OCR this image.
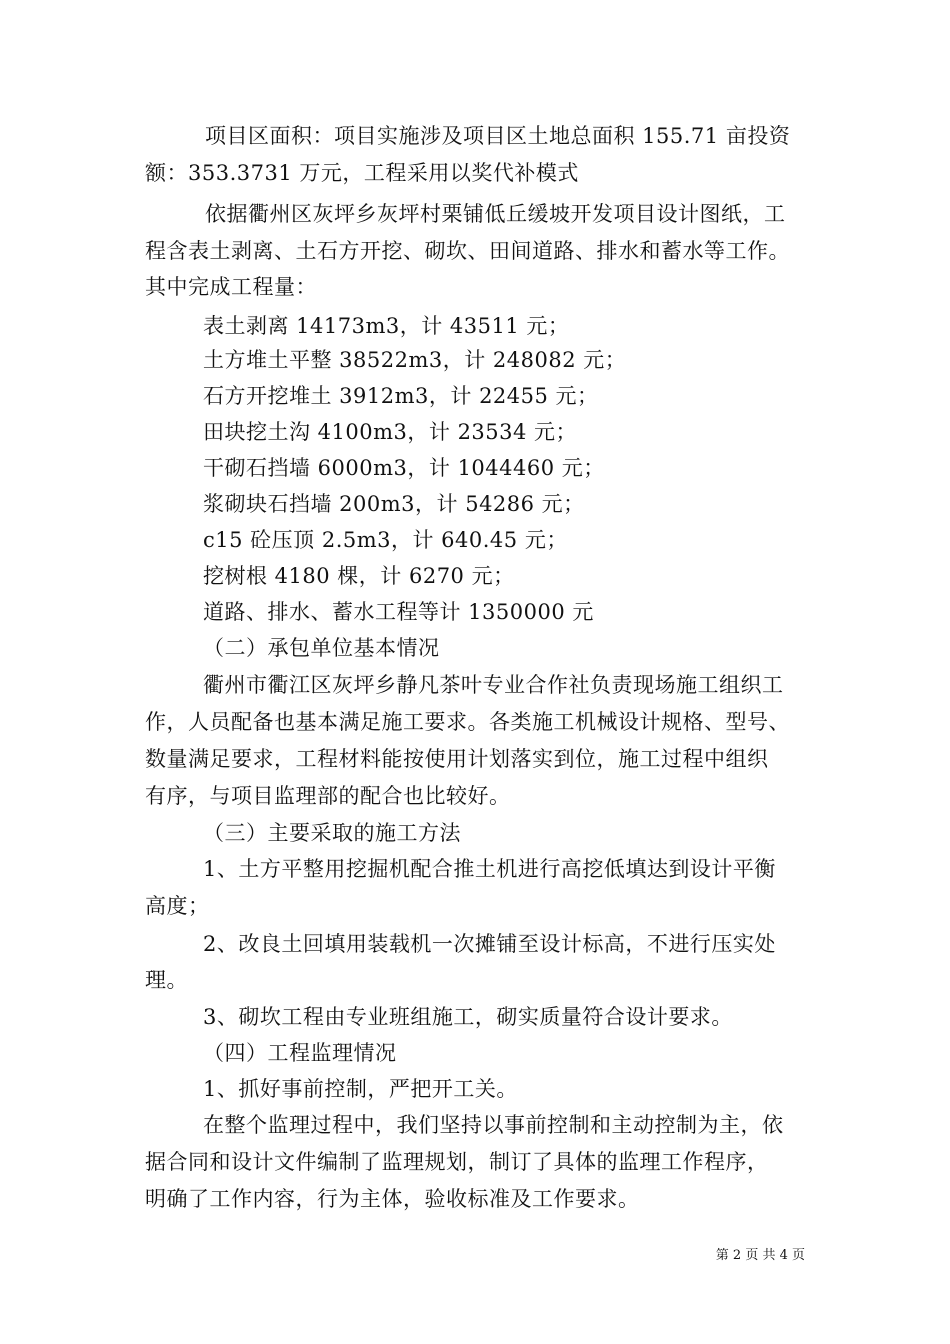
项目区面积：项目实施涉及项目区土地总面积 155.71 亩投资
额：353.3731 万元，工程采用以奖代补模式
依据衢州区灰坪乡灰坪村栗铺低丘缓坡开发项目设计图纸，工
程含表土剥离、土石方开挖、砌坎、田间道路、排水和蓄水等工作。
其中完成工程量：
表土剥离 14173m3，计 43511 元；
土方堆土平整 38522m3，计 248082 元；
石方开挖堆土 3912m3，计 22455 元；
田块挖土沟 4100m3，计 23534 元；
干砌石挡墙 6000m3，计 1044460 元；
浆砌块石挡墙 200m3，计 54286 元；
c15 砼压顶 2.5m3，计 640.45 元；
挖树根 4180 棵，计 6270 元；
道路、排水、蓄水工程等计 1350000 元
（二）承包单位基本情况
衢州市衢江区灰坪乡静凡茶叶专业合作社负责现场施工组织工
作，人员配备也基本满足施工要求。各类施工机械设计规格、型号、
数量满足要求，工程材料能按使用计划落实到位，施工过程中组织
有序，与项目监理部的配合也比较好。
（三）主要采取的施工方法
1、土方平整用挖掘机配合推土机进行高挖低填达到设计平衡
高度；
2、改良土回填用装载机一次摊铺至设计标高，不进行压实处
理。
3、砌坎工程由专业班组施工，砌实质量符合设计要求。
（四）工程监理情况
1、抓好事前控制，严把开工关。
在整个监理过程中，我们坚持以事前控制和主动控制为主，依
据合同和设计文件编制了监理规划，制订了具体的监理工作程序，
明确了工作内容，行为主体，验收标准及工作要求。
第 2 页 共 4 页
